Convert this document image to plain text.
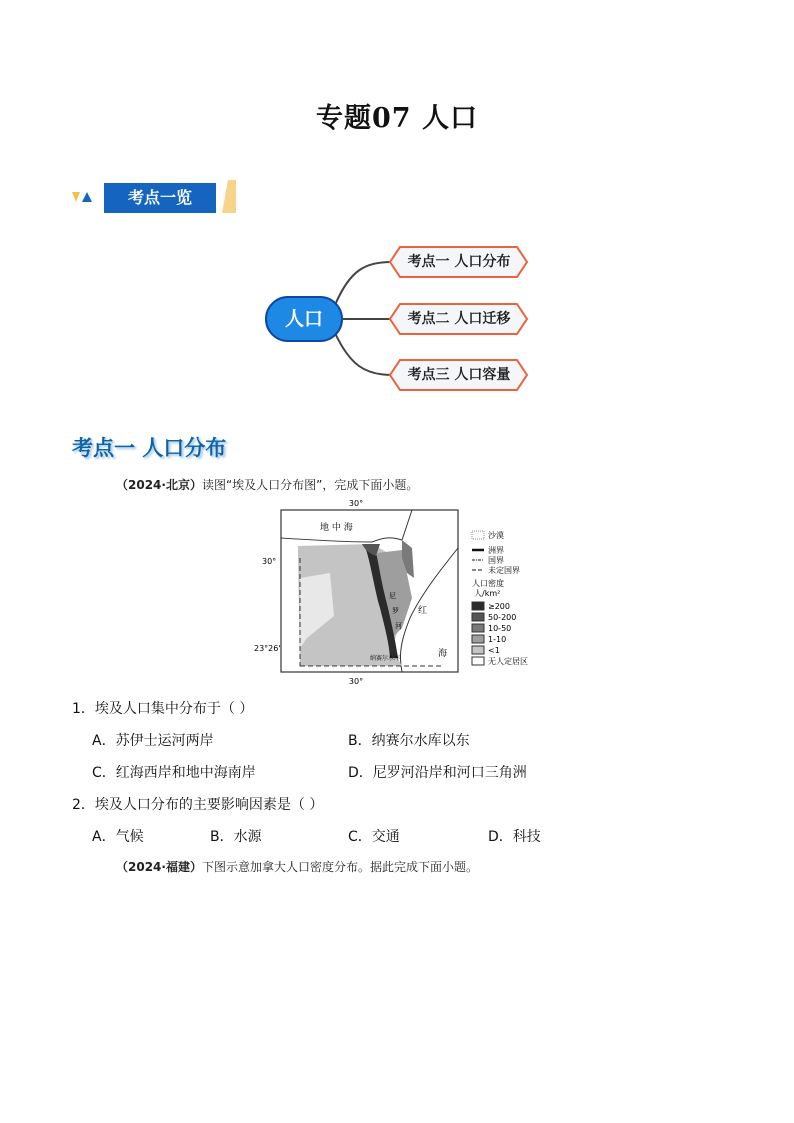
专题07 人口
考点一览
人口
考点一 人口分布
考点二 人口迁移
考点三 人口容量
考点一 人口分布
（2024·北京）读图“埃及人口分布图”，完成下面小题。
30°
30°
30°
23°26'
地 中 海
红
海
尼
罗
河
纳赛尔水库
沙漠
洲界
国界
未定国界
人口密度
人/km²
≥200
50-200
10-50
1-10
<1
无人定居区
1．埃及人口集中分布于（ ）
A．苏伊士运河两岸	B．纳赛尔水库以东
C．红海西岸和地中海南岸	D．尼罗河沿岸和河口三角洲
2．埃及人口分布的主要影响因素是（ ）
A．气候	B．水源	C．交通	D．科技
（2024·福建）下图示意加拿大人口密度分布。据此完成下面小题。
